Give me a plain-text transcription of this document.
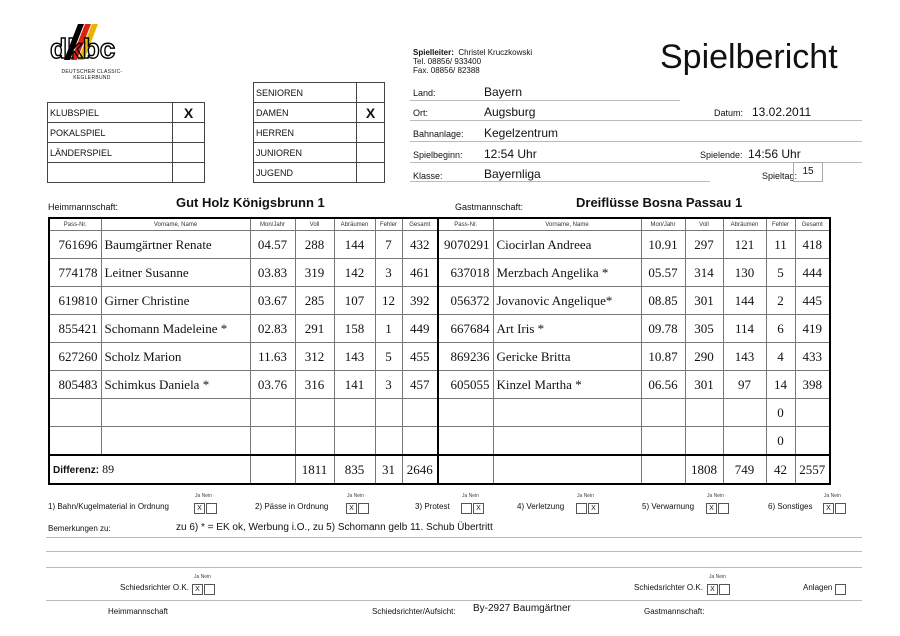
dkbc
DEUTSCHER CLASSIC-
KEGLERBUND
Spielleiter: Christel Kruczkowski
Tel. 08856/ 933400
Fax. 08856/ 82388	Spielbericht
KLUBSPIEL	X
POKALSPIEL	
LÄNDERSPIEL	

SENIOREN	
DAMEN	X
HERREN	
JUNIOREN	
JUGEND	
Land:	Bayern
Ort:	Augsburg	Datum: 13.02.2011
Bahnanlage: Kegelzentrum
Spielbeginn: 12:54 Uhr	Spielende: 14:56 Uhr
Klasse:	Bayernliga	Spieltag: 15
Heimmannschaft:	Gut Holz Königsbrunn 1	Gastmannschaft:	Dreiflüsse Bosna Passau 1
Pass-Nr.	Vorname, Name	Mon/Jahr	Voll	Abräumen	Fehler	Gesamt	Pass-Nr.	Vorname, Name	Mon/Jahr	Voll	Abräumen	Fehler	Gesamt
761696	Baumgärtner Renate	04.57	288	144	7	432	9070291	Ciocirlan Andreea	10.91	297	121	11	418
774178	Leitner Susanne	03.83	319	142	3	461	637018	Merzbach Angelika *	05.57	314	130	5	444
619810	Girner Christine	03.67	285	107	12	392	056372	Jovanovic Angelique*	08.85	301	144	2	445
855421	Schomann Madeleine *	02.83	291	158	1	449	667684	Art Iris *	09.78	305	114	6	419
627260	Scholz Marion	11.63	312	143	5	455	869236	Gericke Britta	10.87	290	143	4	433
805483	Schimkus Daniela *	03.76	316	141	3	457	605055	Kinzel Martha *	06.56	301	97	14	398
												0	
												0	
Differenz: 89			1811	835	31	2646				1808	749	42	2557
1) Bahn/Kugelmaterial in Ordnung	2) Pässe in Ordnung	3) Protest	4) Verletzung	5) Verwarnung	6) Sonstiges
Ja Nein
X
Ja Nein
X
Ja Nein
X
Ja Nein
X
Ja Nein
X
Ja Nein
X
Bemerkungen zu:	zu 6) * = EK ok, Werbung i.O., zu 5) Schomann gelb 11. Schub Übertritt
Schiedsrichter O.K.
Ja Nein
X	Schiedsrichter O.K.
Ja Nein
X	Anlagen
Heimmannschaft	Schiedsrichter/Aufsicht: By-2927 Baumgärtner	Gastmannschaft:
